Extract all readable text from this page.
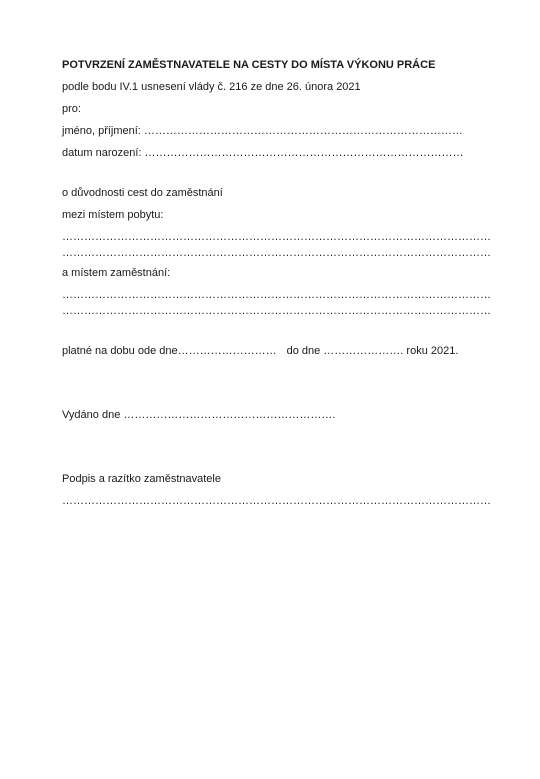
POTVRZENÍ ZAMĚSTNAVATELE NA CESTY DO MÍSTA VÝKONU PRÁCE
podle bodu IV.1 usnesení vlády č. 216 ze dne 26. února 2021
pro:
jméno, příjmení: ……………………………………………………………………………
datum narození: ……………………………………………………………………………
o důvodnosti cest do zaměstnání
mezi místem pobytu:
………………………………………………………………………………………………………
………………………………………………………………………………………………………
a místem zaměstnání:
………………………………………………………………………………………………………
………………………………………………………………………………………………………
platné na dobu ode dne……………………… do dne …………………. roku 2021.
Vydáno dne ………………………………………………….
Podpis a razítko zaměstnavatele
………………………………………………………………………………………………………
